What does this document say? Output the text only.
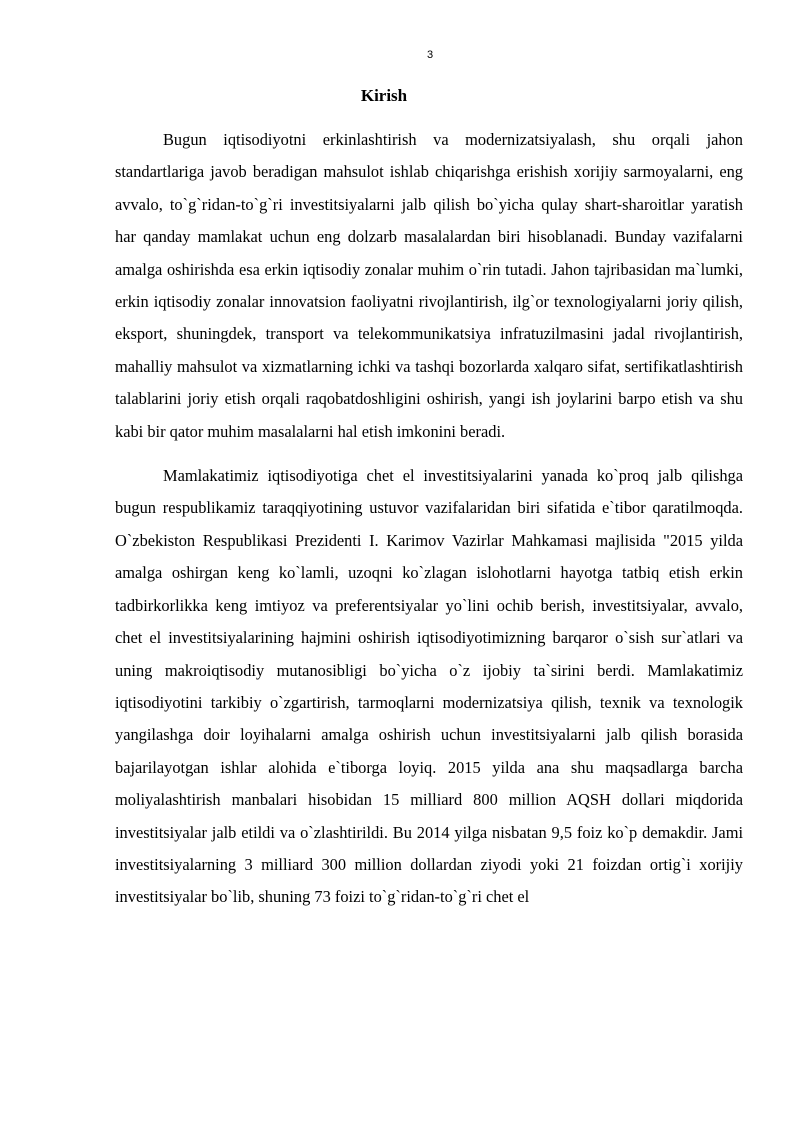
3
Kirish

Bugun iqtisodiyotni erkinlashtirish va modernizatsiyalash, shu orqali jahon standartlariga javob beradigan mahsulot ishlab chiqarishga erishish xorijiy sarmoyalarni, eng avvalo, to`g`ridan-to`g`ri investitsiyalarni jalb qilish bo`yicha qulay shart-sharoitlar yaratish har qanday mamlakat uchun eng dolzarb masalalardan biri hisoblanadi. Bunday vazifalarni amalga oshirishda esa erkin iqtisodiy zonalar muhim o`rin tutadi. Jahon tajribasidan ma`lumki, erkin iqtisodiy zonalar innovatsion faoliyatni rivojlantirish, ilg`or texnologiyalarni joriy qilish, eksport, shuningdek, transport va telekommunikatsiya infratuzilmasini jadal rivojlantirish, mahalliy mahsulot va xizmatlarning ichki va tashqi bozorlarda xalqaro sifat, sertifikatlashtirish talablarini joriy etish orqali raqobatdoshligini oshirish, yangi ish joylarini barpo etish va shu kabi bir qator muhim masalalarni hal etish imkonini beradi.

Mamlakatimiz iqtisodiyotiga chet el investitsiyalarini yanada ko`proq jalb qilishga bugun respublikamiz taraqqiyotining ustuvor vazifalaridan biri sifatida e`tibor qaratilmoqda. O`zbekiston Respublikasi Prezidenti I. Karimov Vazirlar Mahkamasi majlisida "2015 yilda amalga oshirgan keng ko`lamli, uzoqni ko`zlagan islohotlarni hayotga tatbiq etish erkin tadbirkorlikka keng imtiyoz va preferentsiyalar yo`lini ochib berish, investitsiyalar, avvalo, chet el investitsiyalarining hajmini oshirish iqtisodiyotimizning barqaror o`sish sur`atlari va uning makroiqtisodiy mutanosibligi bo`yicha o`z ijobiy ta`sirini berdi. Mamlakatimiz iqtisodiyotini tarkibiy o`zgartirish, tarmoqlarni modernizatsiya qilish, texnik va texnologik yangilashga doir loyihalarni amalga oshirish uchun investitsiyalarni jalb qilish borasida bajarilayotgan ishlar alohida e`tiborga loyiq. 2015 yilda ana shu maqsadlarga barcha moliyalashtirish manbalari hisobidan 15 milliard 800 million AQSH dollari miqdorida investitsiyalar jalb etildi va o`zlashtirildi. Bu 2014 yilga nisbatan 9,5 foiz ko`p demakdir. Jami investitsiyalarning 3 milliard 300 million dollardan ziyodi yoki 21 foizdan ortig`i xorijiy investitsiyalar bo`lib, shuning 73 foizi to`g`ridan-to`g`ri chet el
